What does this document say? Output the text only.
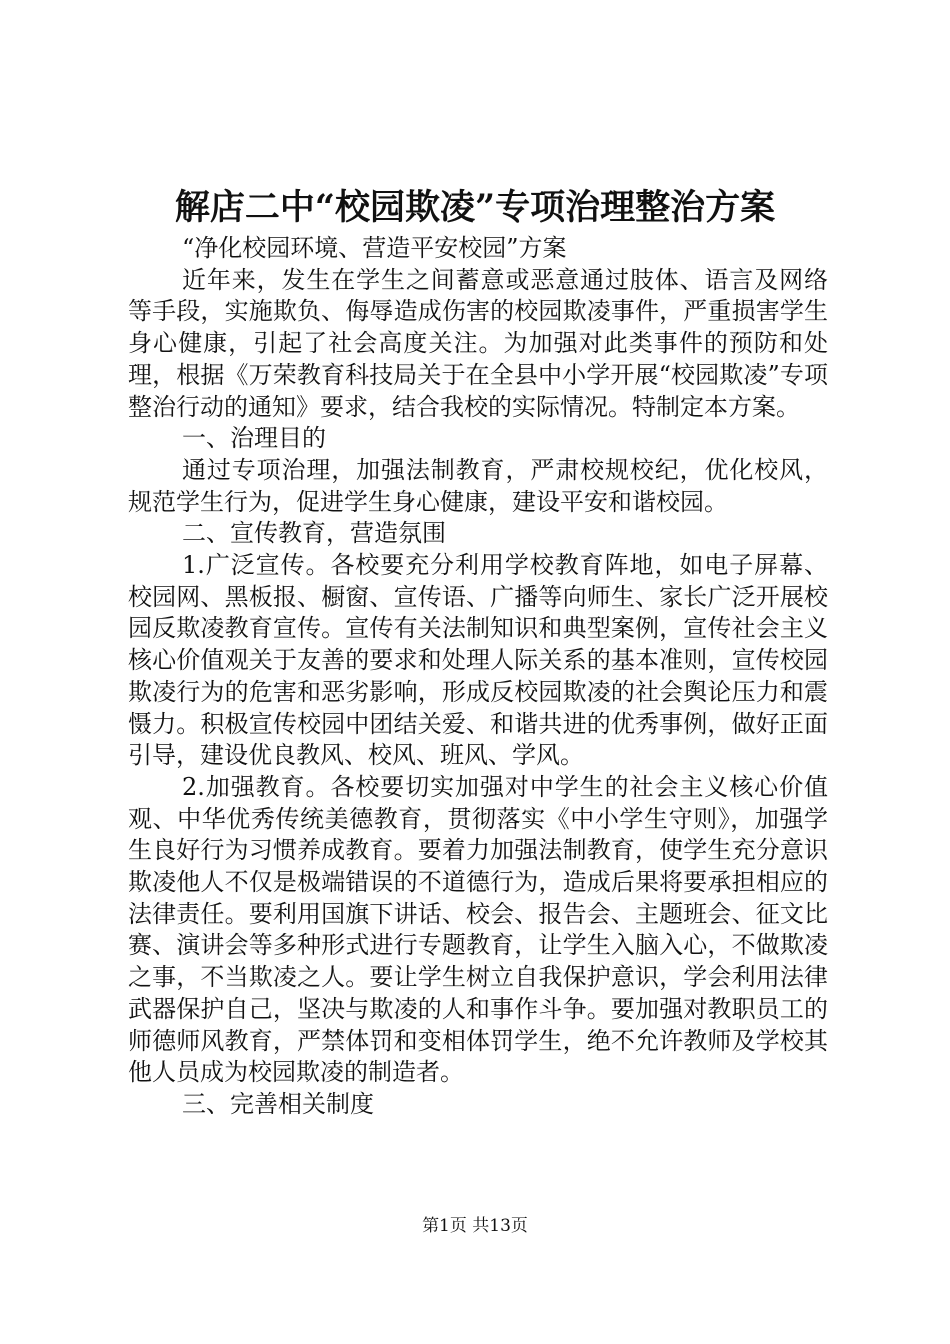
解店二中“校园欺凌”专项治理整治方案

“净化校园环境、营造平安校园”方案

近年来，发生在学生之间蓄意或恶意通过肢体、语言及网络等手段，实施欺负、侮辱造成伤害的校园欺凌事件，严重损害学生身心健康，引起了社会高度关注。为加强对此类事件的预防和处理，根据《万荣教育科技局关于在全县中小学开展“校园欺凌”专项整治行动的通知》要求，结合我校的实际情况。特制定本方案。

一、治理目的

通过专项治理，加强法制教育，严肃校规校纪，优化校风，规范学生行为，促进学生身心健康，建设平安和谐校园。

二、宣传教育，营造氛围

1.广泛宣传。各校要充分利用学校教育阵地，如电子屏幕、校园网、黑板报、橱窗、宣传语、广播等向师生、家长广泛开展校园反欺凌教育宣传。宣传有关法制知识和典型案例，宣传社会主义核心价值观关于友善的要求和处理人际关系的基本准则，宣传校园欺凌行为的危害和恶劣影响，形成反校园欺凌的社会舆论压力和震慑力。积极宣传校园中团结关爱、和谐共进的优秀事例，做好正面引导，建设优良教风、校风、班风、学风。

2.加强教育。各校要切实加强对中学生的社会主义核心价值观、中华优秀传统美德教育，贯彻落实《中小学生守则》，加强学生良好行为习惯养成教育。要着力加强法制教育，使学生充分意识欺凌他人不仅是极端错误的不道德行为，造成后果将要承担相应的法律责任。要利用国旗下讲话、校会、报告会、主题班会、征文比赛、演讲会等多种形式进行专题教育，让学生入脑入心，不做欺凌之事，不当欺凌之人。要让学生树立自我保护意识，学会利用法律武器保护自己，坚决与欺凌的人和事作斗争。要加强对教职员工的师德师风教育，严禁体罚和变相体罚学生，绝不允许教师及学校其他人员成为校园欺凌的制造者。

三、完善相关制度

第1页 共13页
